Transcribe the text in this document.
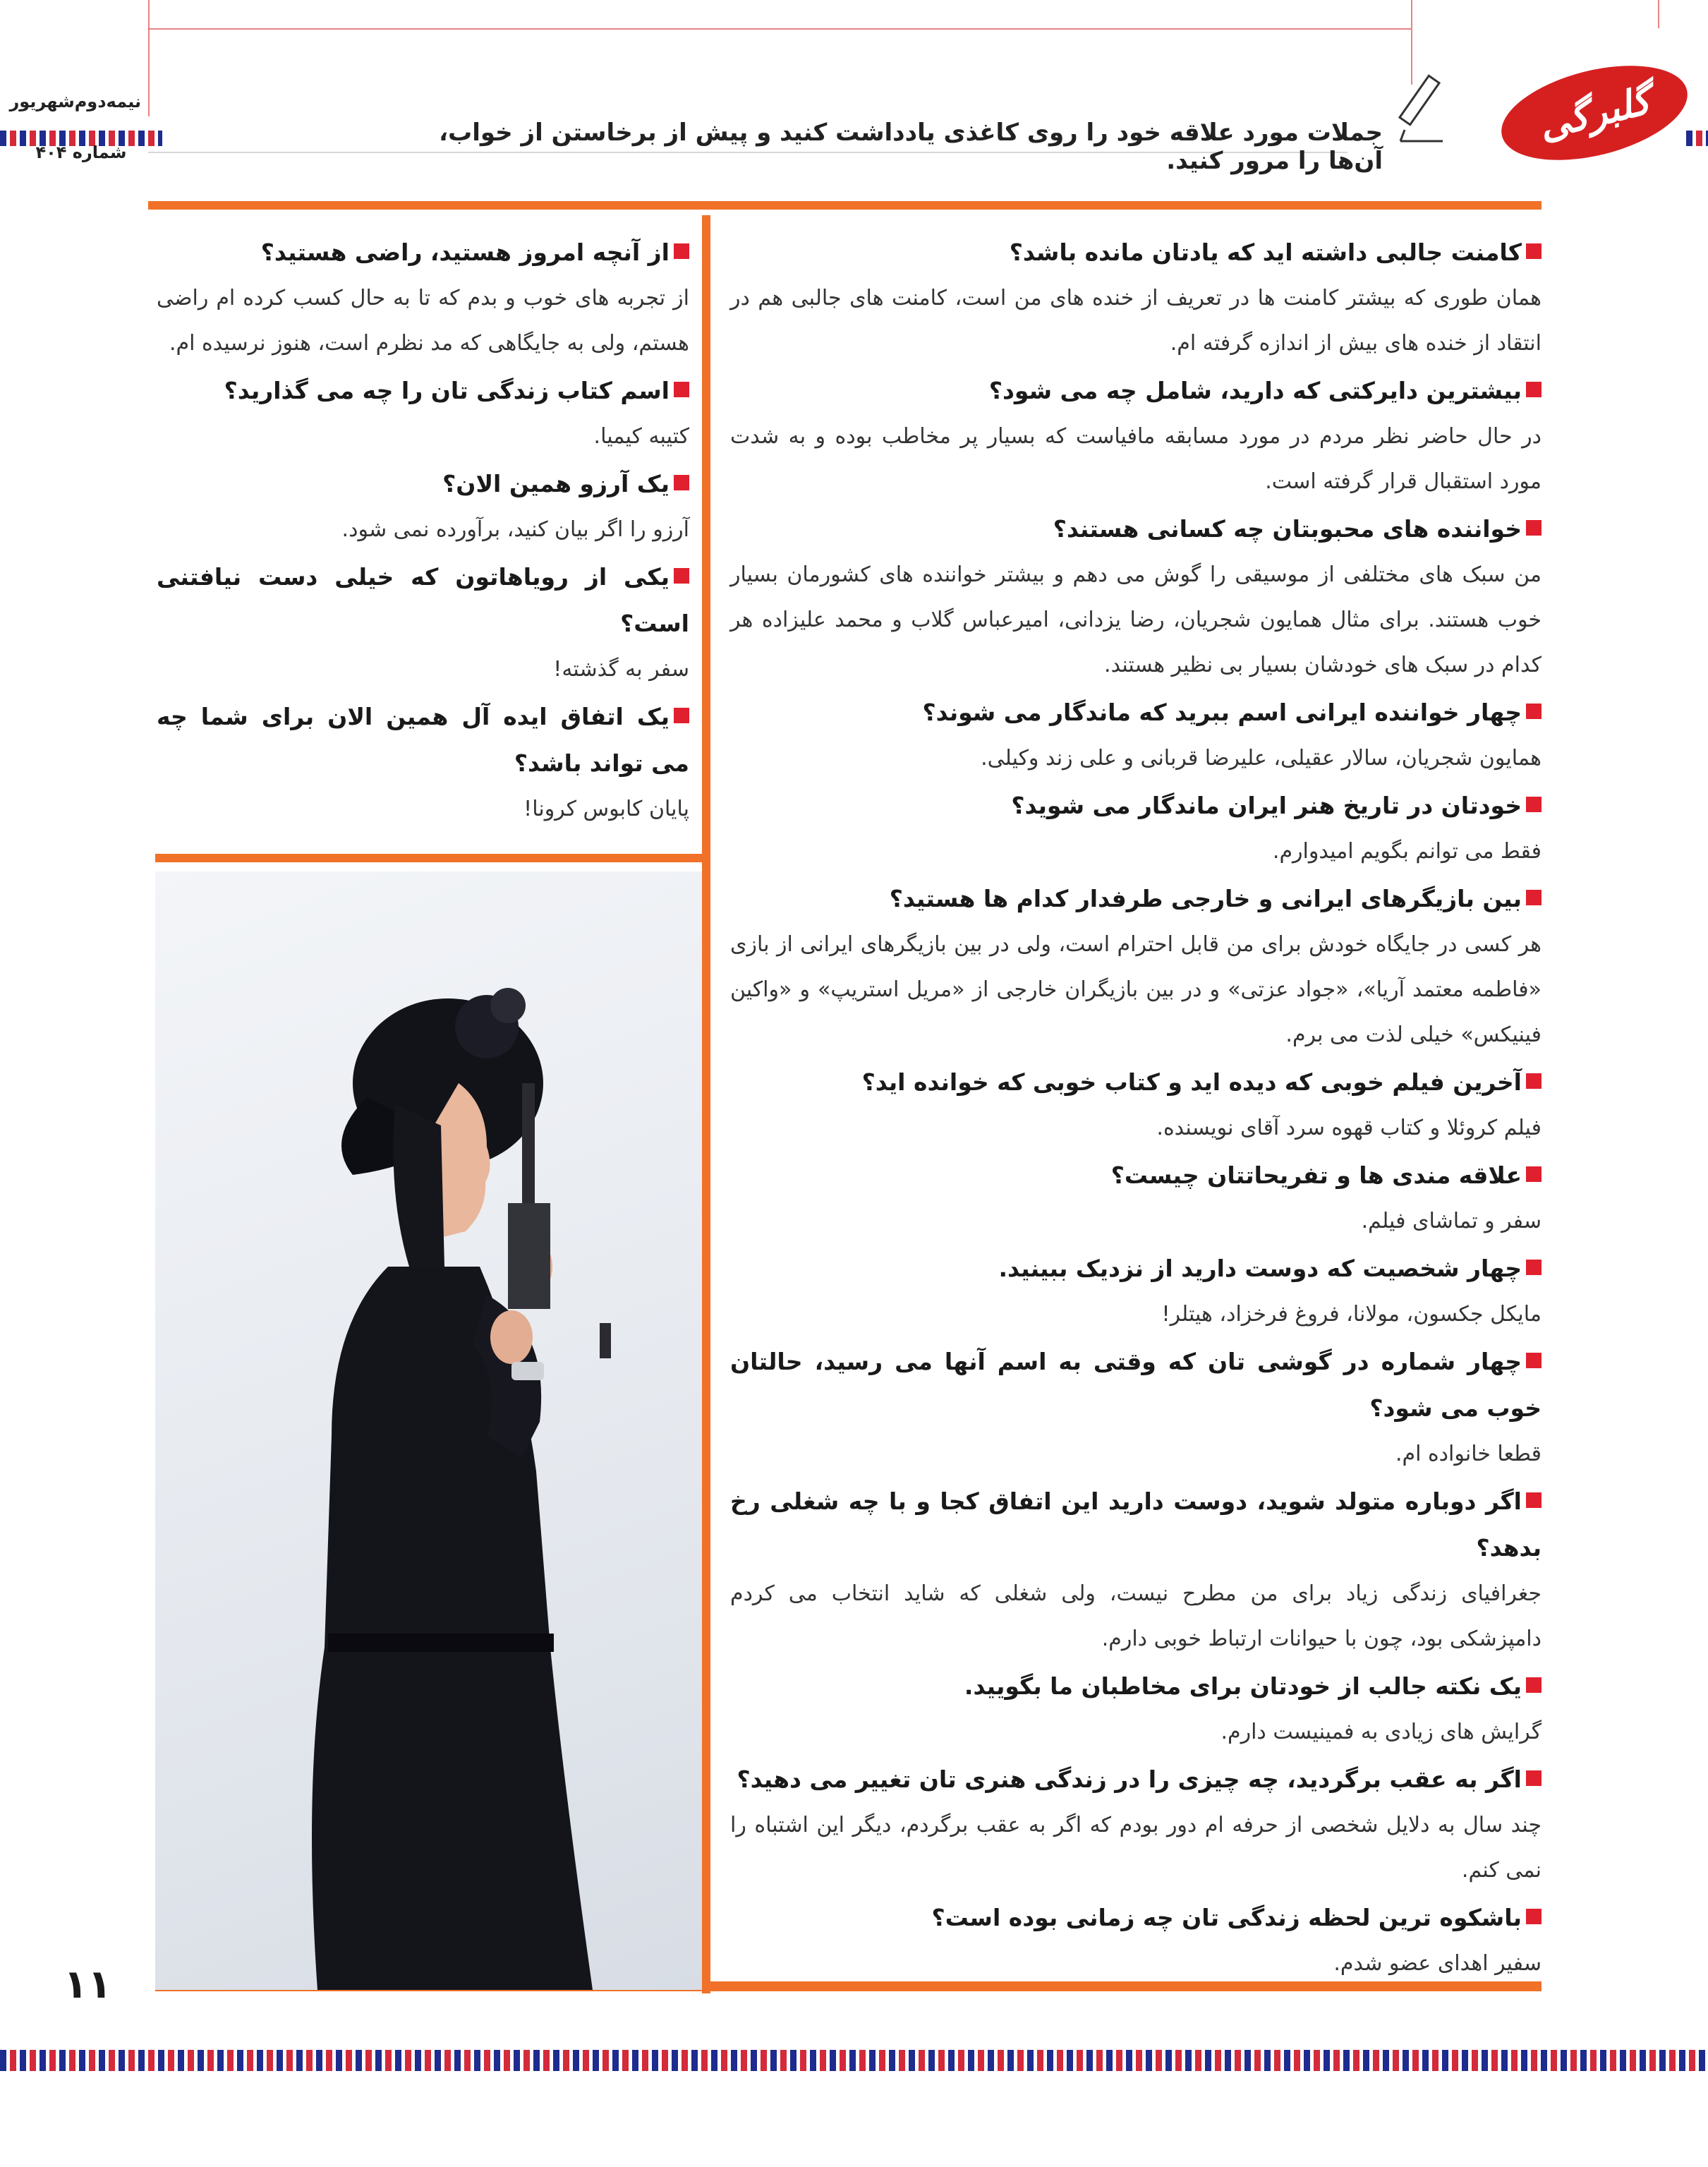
نیمه‌دوم‌شهریور
شماره ۴۰۴
گلبرگی
جملات مورد علاقه خود را روی کاغذی یادداشت کنید و پیش از برخاستن از خواب، آن‌ها را مرور کنید.

کامنت جالبی داشته اید که یادتان مانده باشد؟

همان طوری که بیشتر کامنت ها در تعریف از خنده های من است، کامنت های جالبی هم در انتقاد از خنده های بیش از اندازه گرفته ام.

بیشترین دایرکتی که دارید، شامل چه می شود؟

در حال حاضر نظر مردم در مورد مسابقه مافیاست که بسیار پر مخاطب بوده و به شدت مورد استقبال قرار گرفته است.

خواننده های محبوبتان چه کسانی هستند؟

من سبک های مختلفی از موسیقی را گوش می دهم و بیشتر خواننده های کشورمان بسیار خوب هستند. برای مثال همایون شجریان، رضا یزدانی، امیرعباس گلاب و محمد علیزاده هر کدام در سبک های خودشان بسیار بی نظیر هستند.

چهار خواننده ایرانی اسم ببرید که ماندگار می شوند؟

همایون شجریان، سالار عقیلی، علیرضا قربانی و علی زند وکیلی.

خودتان در تاریخ هنر ایران ماندگار می شوید؟

فقط می توانم بگویم امیدوارم.

بین بازیگرهای ایرانی و خارجی طرفدار کدام ها هستید؟

هر کسی در جایگاه خودش برای من قابل احترام است، ولی در بین بازیگرهای ایرانی از بازی «فاطمه معتمد آریا»، «جواد عزتی» و در بین بازیگران خارجی از «مریل استریپ» و «واکین فینیکس» خیلی لذت می برم.

آخرین فیلم خوبی که دیده اید و کتاب خوبی که خوانده اید؟

فیلم کروئلا و کتاب قهوه سرد آقای نویسنده.

علاقه مندی ها و تفریحاتتان چیست؟

سفر و تماشای فیلم.

چهار شخصیت که دوست دارید از نزدیک ببینید.

مایکل جکسون، مولانا، فروغ فرخزاد، هیتلر!

چهار شماره در گوشی تان که وقتی به اسم آنها می رسید، حالتان خوب می شود؟

قطعا خانواده ام.

اگر دوباره متولد شوید، دوست دارید این اتفاق کجا و با چه شغلی رخ بدهد؟

جغرافیای زندگی زیاد برای من مطرح نیست، ولی شغلی که شاید انتخاب می کردم دامپزشکی بود، چون با حیوانات ارتباط خوبی دارم.

یک نکته جالب از خودتان برای مخاطبان ما بگویید.

گرایش های زیادی به فمینیست دارم.

اگر به عقب برگردید، چه چیزی را در زندگی هنری تان تغییر می دهید؟

چند سال به دلایل شخصی از حرفه ام دور بودم که اگر به عقب برگردم، دیگر این اشتباه را نمی کنم.

باشکوه ترین لحظه زندگی تان چه زمانی بوده است؟

سفیر اهدای عضو شدم.

از آنچه امروز هستید، راضی هستید؟

از تجربه های خوب و بدم که تا به حال کسب کرده ام راضی هستم، ولی به جایگاهی که مد نظرم است، هنوز نرسیده ام.

اسم کتاب زندگی تان را چه می گذارید؟

کتیبه کیمیا.

یک آرزو همین الان؟

آرزو را اگر بیان کنید، برآورده نمی شود.

یکی از رویاهاتون که خیلی دست نیافتنی است؟

سفر به گذشته!

یک اتفاق ایده آل همین الان برای شما چه می تواند باشد؟

پایان کابوس کرونا!

۱۱
